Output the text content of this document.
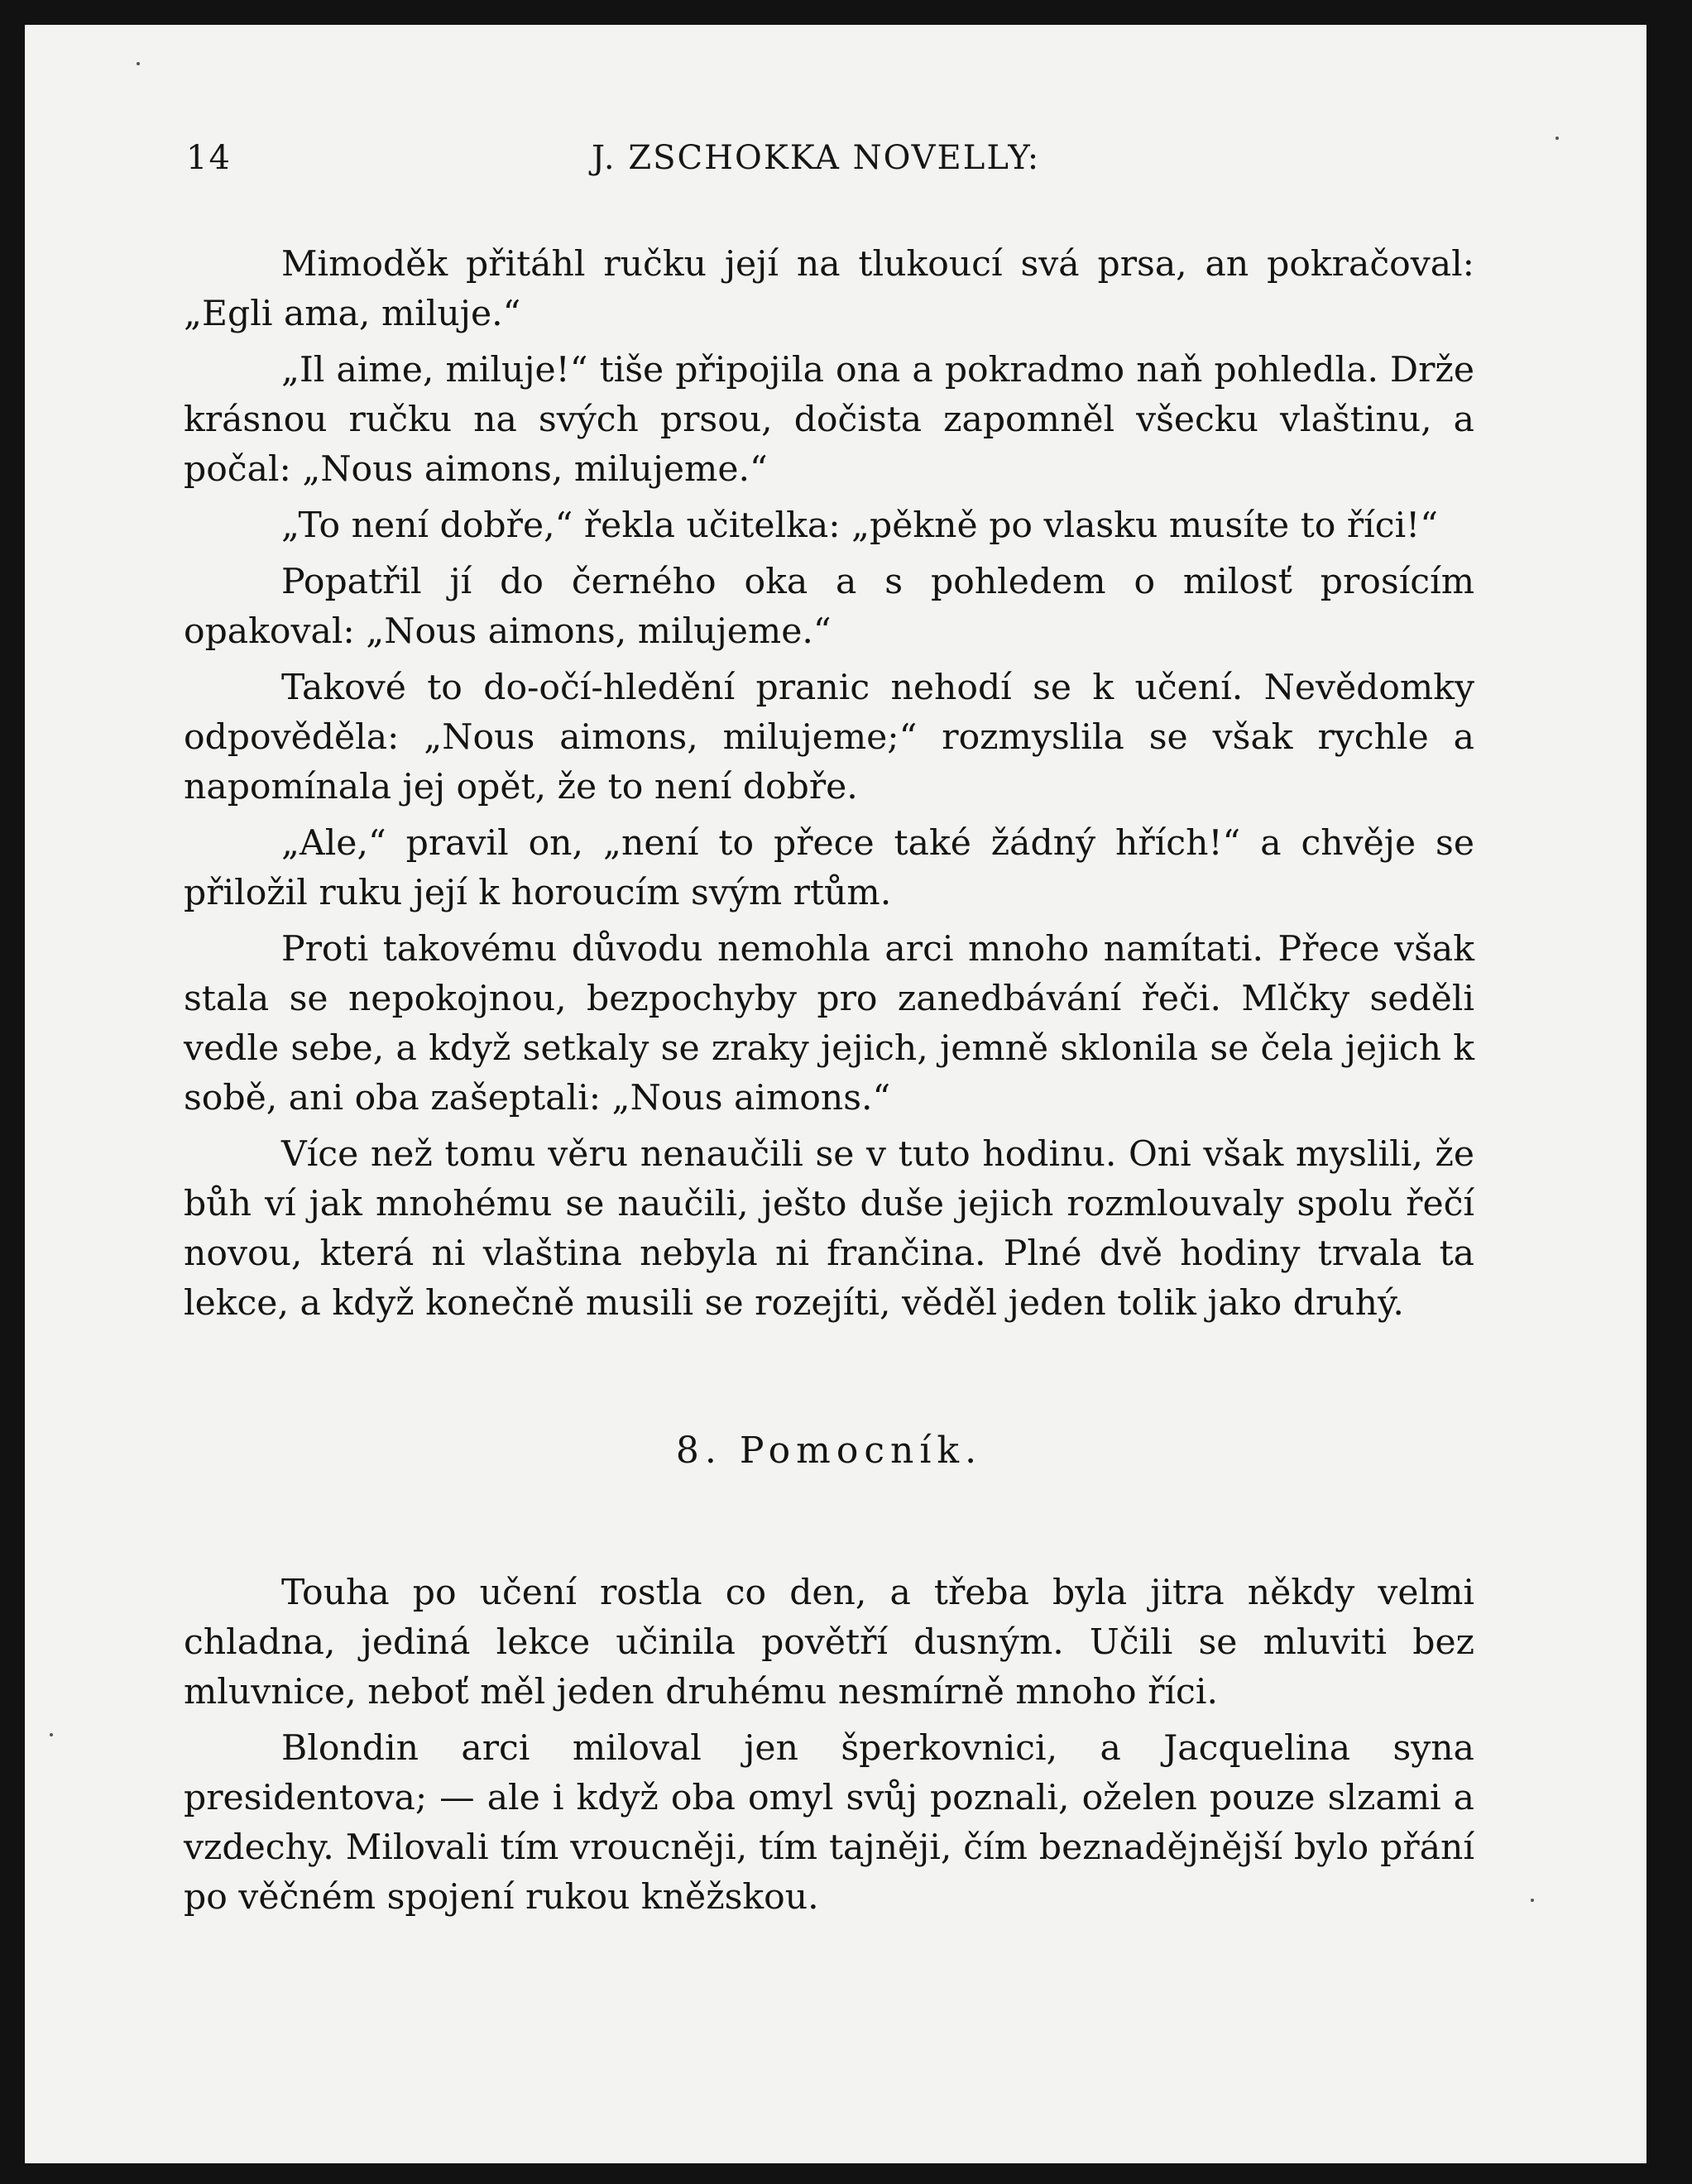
14	J. ZSCHOKKA NOVELLY:

Mimoděk přitáhl ručku její na tlukoucí svá prsa, an pokračoval: „Egli ama, miluje.“

„Il aime, miluje!“ tiše připojila ona a pokradmo naň pohledla. Drže krásnou ručku na svých prsou, dočista zapomněl všecku vlaštinu, a počal: „Nous aimons, milujeme.“

„To není dobře,“ řekla učitelka: „pěkně po vlasku musíte to říci!“

Popatřil jí do černého oka a s pohledem o milosť prosícím opakoval: „Nous aimons, milujeme.“

Takové to do-očí-hledění pranic nehodí se k učení. Nevědomky odpověděla: „Nous aimons, milujeme;“ rozmyslila se však rychle a napomínala jej opět, že to není dobře.

„Ale,“ pravil on, „není to přece také žádný hřích!“ a chvěje se přiložil ruku její k horoucím svým rtům.

Proti takovému důvodu nemohla arci mnoho namítati. Přece však stala se nepokojnou, bezpochyby pro zanedbávání řeči. Mlčky seděli vedle sebe, a když setkaly se zraky jejich, jemně sklonila se čela jejich k sobě, ani oba zašeptali: „Nous aimons.“

Více než tomu věru nenaučili se v tuto hodinu. Oni však myslili, že bůh ví jak mnohému se naučili, ješto duše jejich rozmlouvaly spolu řečí novou, která ni vlaština nebyla ni frančina. Plné dvě hodiny trvala ta lekce, a když konečně musili se rozejíti, věděl jeden tolik jako druhý.

8. Pomocník.

Touha po učení rostla co den, a třeba byla jitra někdy velmi chladna, jediná lekce učinila povětří dusným. Učili se mluviti bez mluvnice, neboť měl jeden druhému nesmírně mnoho říci.

Blondin arci miloval jen šperkovnici, a Jacquelina syna presidentova; — ale i když oba omyl svůj poznali, oželen pouze slzami a vzdechy. Milovali tím vroucněji, tím tajněji, čím beznadějnější bylo přání po věčném spojení rukou kněžskou.
